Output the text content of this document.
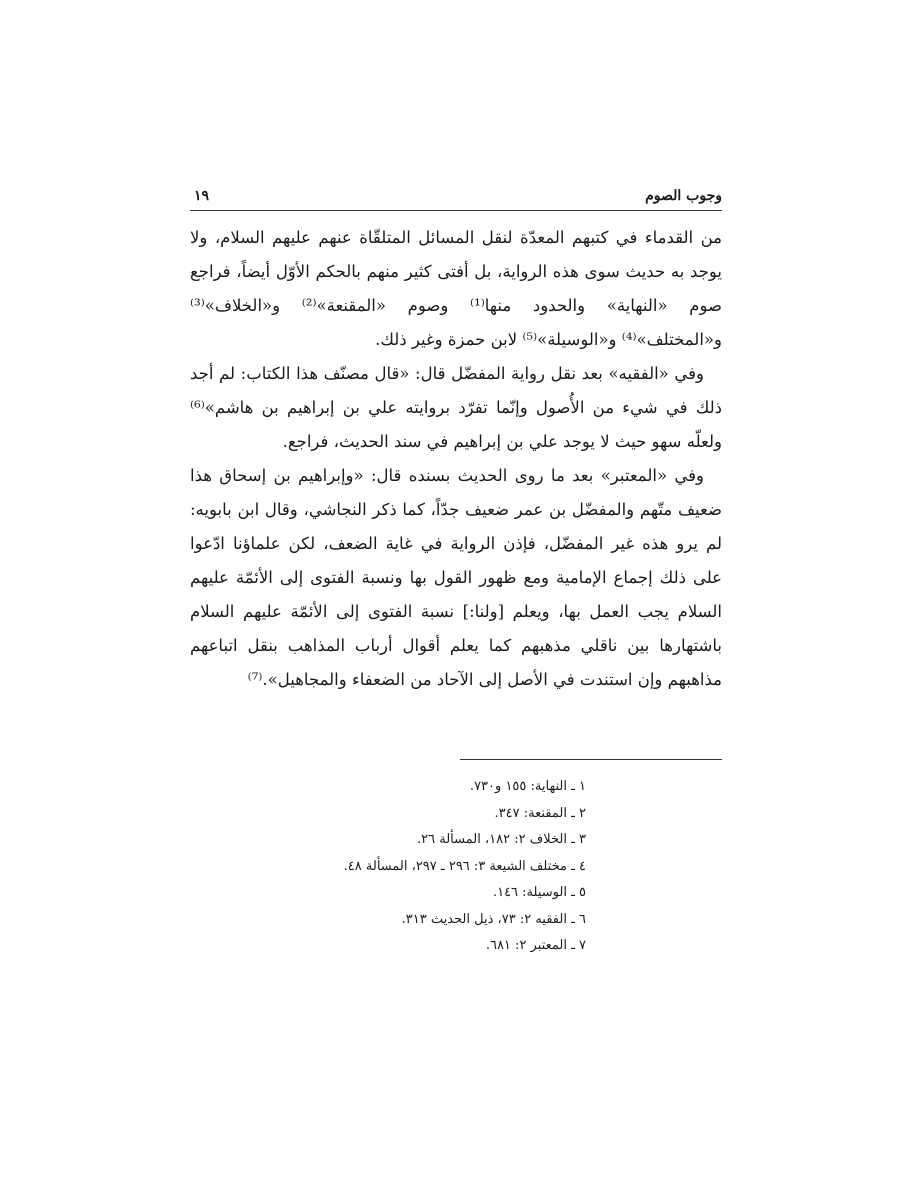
وجوب الصوم
١٩

من القدماء في كتبهم المعدّة لنقل المسائل المتلقّاة عنهم عليهم السلام، ولا يوجد به حديث سوى هذه الرواية، بل أفتى كثير منهم بالحكم الأوّل أيضاً، فراجع صوم «النهاية» والحدود منها⁽¹⁾ وصوم «المقنعة»⁽²⁾ و«الخلاف»⁽³⁾ و«المختلف»⁽⁴⁾ و«الوسيلة»⁽⁵⁾ لابن حمزة وغير ذلك.

وفي «الفقيه» بعد نقل رواية المفضّل قال: «قال مصنّف هذا الكتاب: لم أجد ذلك في شيء من الأُصول وإنّما تفرّد بروايته علي بن إبراهيم بن هاشم»⁽⁶⁾ ولعلّه سهو حيث لا يوجد علي بن إبراهيم في سند الحديث، فراجع.

وفي «المعتبر» بعد ما روى الحديث بسنده قال: «وإبراهيم بن إسحاق هذا ضعيف متّهم والمفضّل بن عمر ضعيف جدّاً، كما ذكر النجاشي، وقال ابن بابويه: لم يرو هذه غير المفضّل، فإذن الرواية في غاية الضعف، لكن علماؤنا ادّعوا على ذلك إجماع الإمامية ومع ظهور القول بها ونسبة الفتوى إلى الأئمّة عليهم السلام يجب العمل بها، ويعلم [ولنا:] نسبة الفتوى إلى الأئمّة عليهم السلام باشتهارها بين ناقلي مذهبهم كما يعلم أقوال أرباب المذاهب بنقل اتباعهم مذاهبهم وإن استندت في الأصل إلى الآحاد من الضعفاء والمجاهيل».⁽⁷⁾

١ ـ النهاية: ١٥٥ و٧٣٠.
٢ ـ المقنعة: ٣٤٧.
٣ ـ الخلاف ٢: ١٨٢، المسألة ٢٦.
٤ ـ مختلف الشيعة ٣: ٢٩٦ ـ ٢٩٧، المسألة ٤٨.
٥ ـ الوسيلة: ١٤٦.
٦ ـ الفقيه ٢: ٧٣، ذيل الحديث ٣١٣.
٧ ـ المعتبر ٢: ٦٨١.
